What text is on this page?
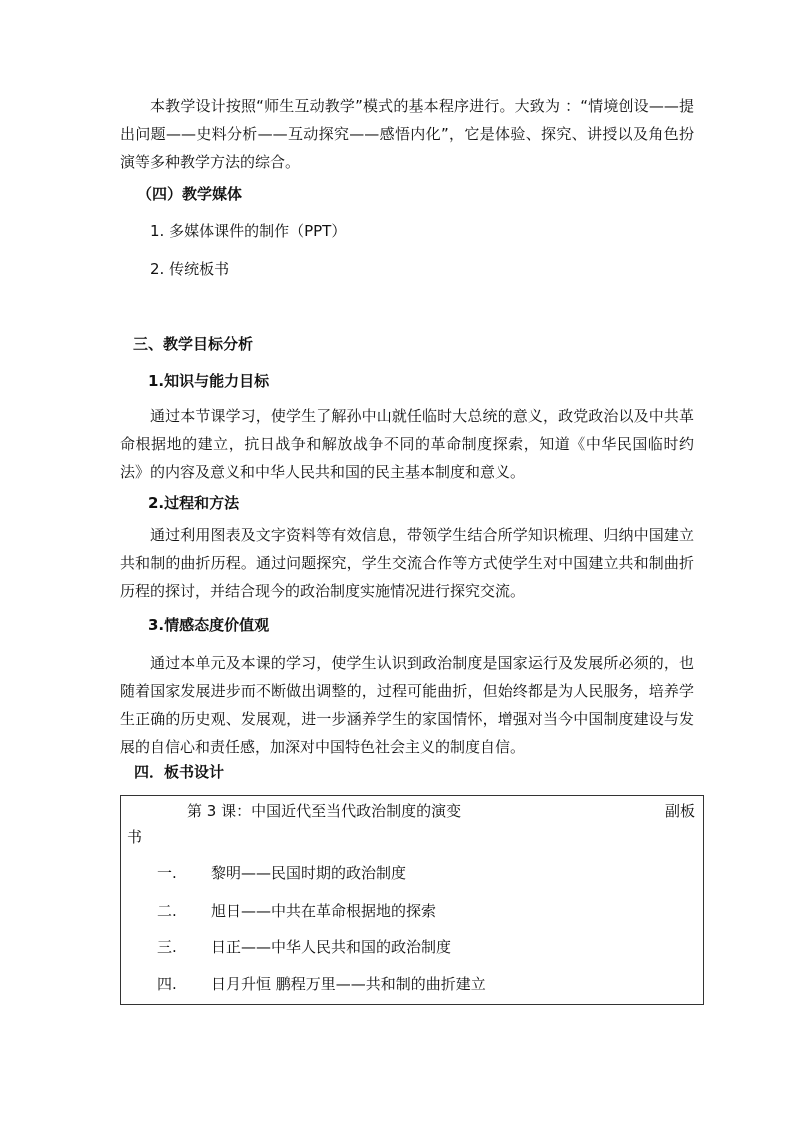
本教学设计按照“师生互动教学”模式的基本程序进行。大致为 ：“情境创设——提出问题——史料分析——互动探究——感悟内化”，它是体验、探究、讲授以及角色扮演等多种教学方法的综合。

（四）教学媒体

1. 多媒体课件的制作（PPT）

2. 传统板书

三、教学目标分析

1.知识与能力目标

通过本节课学习，使学生了解孙中山就任临时大总统的意义，政党政治以及中共革命根据地的建立，抗日战争和解放战争不同的革命制度探索，知道《中华民国临时约法》的内容及意义和中华人民共和国的民主基本制度和意义。

2.过程和方法

通过利用图表及文字资料等有效信息，带领学生结合所学知识梳理、归纳中国建立共和制的曲折历程。通过问题探究，学生交流合作等方式使学生对中国建立共和制曲折历程的探讨，并结合现今的政治制度实施情况进行探究交流。

3.情感态度价值观

通过本单元及本课的学习，使学生认识到政治制度是国家运行及发展所必须的，也随着国家发展进步而不断做出调整的，过程可能曲折，但始终都是为人民服务，培养学生正确的历史观、发展观，进一步涵养学生的家国情怀，增强对当今中国制度建设与发展的自信心和责任感，加深对中国特色社会主义的制度自信。

四．板书设计

第 3 课：中国近代至当代政治制度的演变	副板

书

一. 黎明——民国时期的政治制度

二. 旭日——中共在革命根据地的探索

三. 日正——中华人民共和国的政治制度

四. 日月升恒 鹏程万里——共和制的曲折建立
